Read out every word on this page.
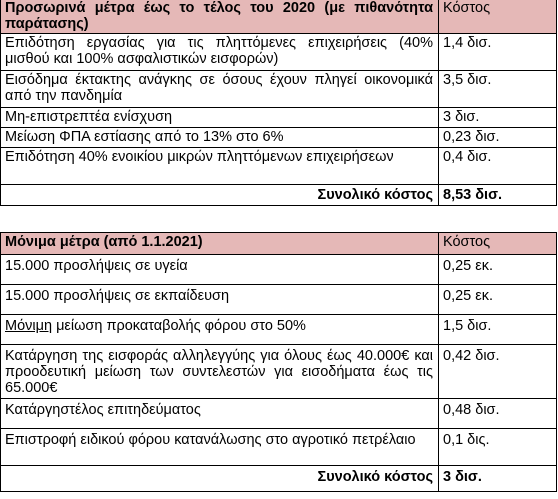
Προσωρινά μέτρα έως το τέλος του 2020 (με πιθανότητα παράτασης)	Κόστος
Επιδότηση εργασίας για τις πληττόμενες επιχειρήσεις (40% μισθού και 100% ασφαλιστικών εισφορών)	1,4 δισ.
Εισόδημα έκτακτης ανάγκης σε όσους έχουν πληγεί οικονομικά από την πανδημία	3,5 δισ.
Μη-επιστρεπτέα ενίσχυση	3 δισ.
Μείωση ΦΠΑ εστίασης από το 13% στο 6%	0,23 δισ.
Επιδότηση 40% ενοικίου μικρών πληττόμενων επιχειρήσεων	0,4 δισ.
Συνολικό κόστος	8,53 δισ.
Μόνιμα μέτρα (από 1.1.2021)	Κόστος
15.000 προσλήψεις σε υγεία	0,25 εκ.
15.000 προσλήψεις σε εκπαίδευση	0,25 εκ.
Μόνιμη μείωση προκαταβολής φόρου στο 50%	1,5 δισ.
Κατάργηση της εισφοράς αλληλεγγύης για όλους έως 40.000€ και προοδευτική μείωση των συντελεστών για εισοδήματα έως τις 65.000€	0,42 δισ.
Κατάργηστέλος επιτηδεύματος	0,48 δισ.
Επιστροφή ειδικού φόρου κατανάλωσης στο αγροτικό πετρέλαιο	0,1 δις.
Συνολικό κόστος	3 δισ.
